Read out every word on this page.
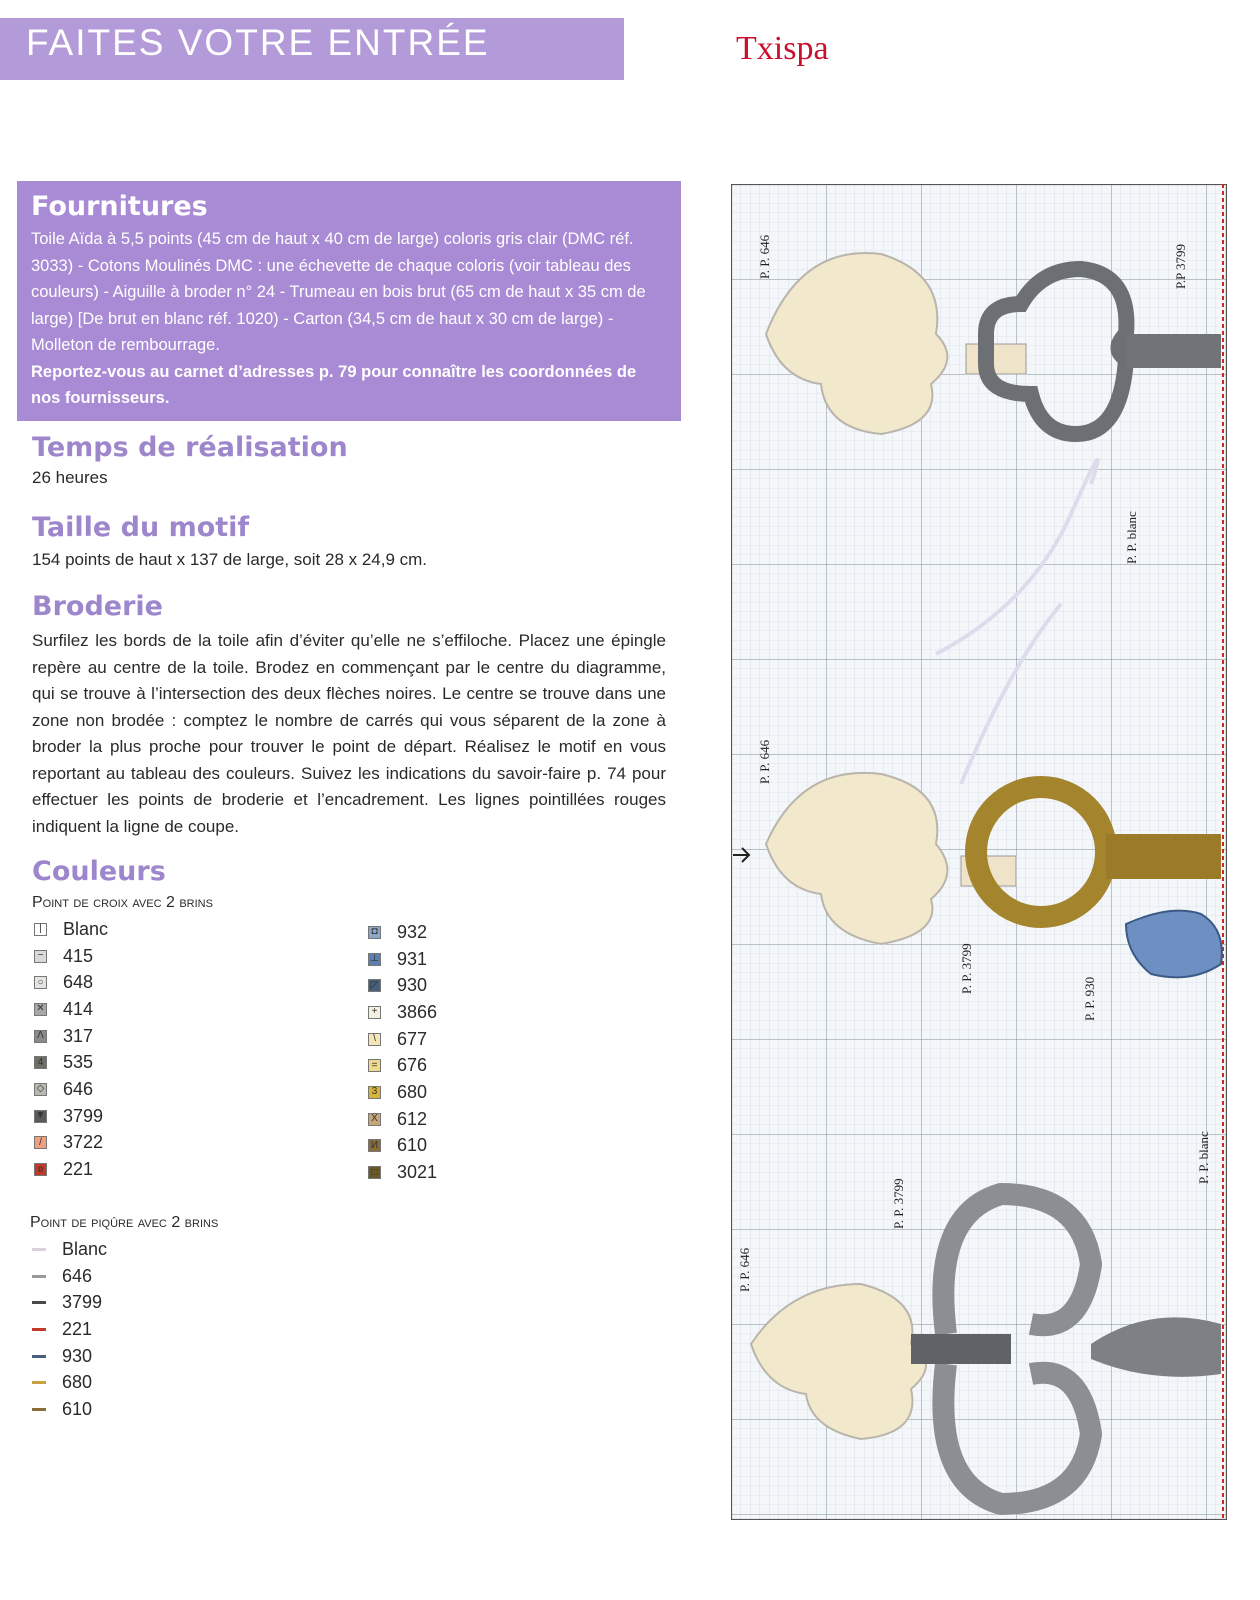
FAITES VOTRE ENTRÉE	Txispa

Fournitures

Toile Aïda à 5,5 points (45 cm de haut x 40 cm de large) coloris gris clair (DMC réf. 3033) - Cotons Moulinés DMC : une échevette de chaque coloris (voir tableau des couleurs) - Aiguille à broder n° 24 - Trumeau en bois brut (65 cm de haut x 35 cm de large) [De brut en blanc réf. 1020) - Carton (34,5 cm de haut x 30 cm de large) - Molleton de rembourrage.

Reportez-vous au carnet d’adresses p. 79 pour connaître les coordonnées de nos fournisseurs.

Temps de réalisation
26 heures
Taille du motif
154 points de haut x 137 de large, soit 28 x 24,9 cm.
Broderie

Surfilez les bords de la toile afin d’éviter qu’elle ne s’effiloche. Placez une épingle repère au centre de la toile. Brodez en commençant par le centre du diagramme, qui se trouve à l’intersection des deux flèches noires. Le centre se trouve dans une zone non brodée : comptez le nombre de carrés qui vous séparent de la zone à broder la plus proche pour trouver le point de départ. Réalisez le motif en vous reportant au tableau des couleurs. Suivez les indications du savoir-faire p. 74 pour effectuer les points de broderie et l’encadrement. Les lignes pointillées rouges indiquent la ligne de coupe.

Couleurs
Point de croix avec 2 brins
| Blanc
− 415
○ 648
✕ 414
Λ 317
4 535
◇ 646
▼ 3799
/ 3722
ʚ 221
◘ 932
⊥ 931
◸ 930
+ 3866
\ 677
= 676
3 680
X 612
И 610
□ 3021
Point de piqûre avec 2 brins
Blanc
646
3799
221
930
680
610
P. P. 646	P.P 3799
P. P. blanc
P. P. 646
P. P. 3799
P. P. 930
P. P. blanc
P. P. 646
P. P. 3799
